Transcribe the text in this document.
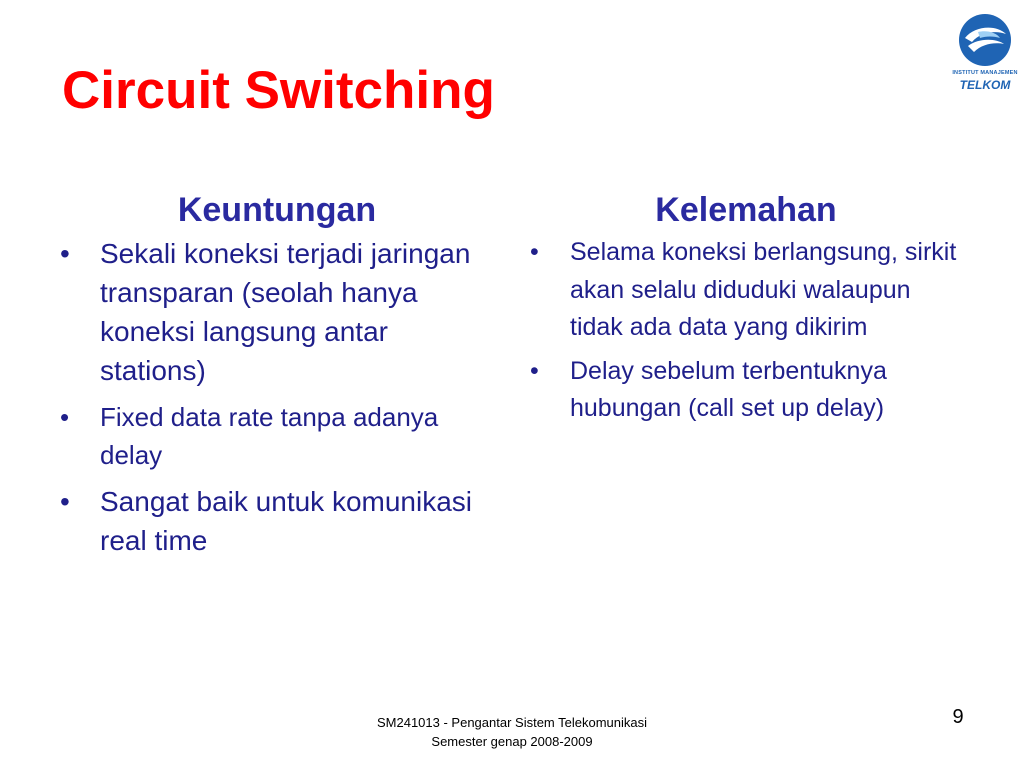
Circuit Switching	INSTITUT MANAJEMEN
TELKOM
Keuntungan
• Sekali koneksi terjadi jaringan transparan (seolah hanya koneksi langsung antar stations)
• Fixed data rate tanpa adanya delay
• Sangat baik untuk komunikasi real time
Kelemahan
• Selama koneksi berlangsung, sirkit akan selalu diduduki walaupun tidak ada data yang dikirim
• Delay sebelum terbentuknya hubungan (call set up delay)
SM241013 - Pengantar Sistem Telekomunikasi
Semester genap 2008-2009
9
